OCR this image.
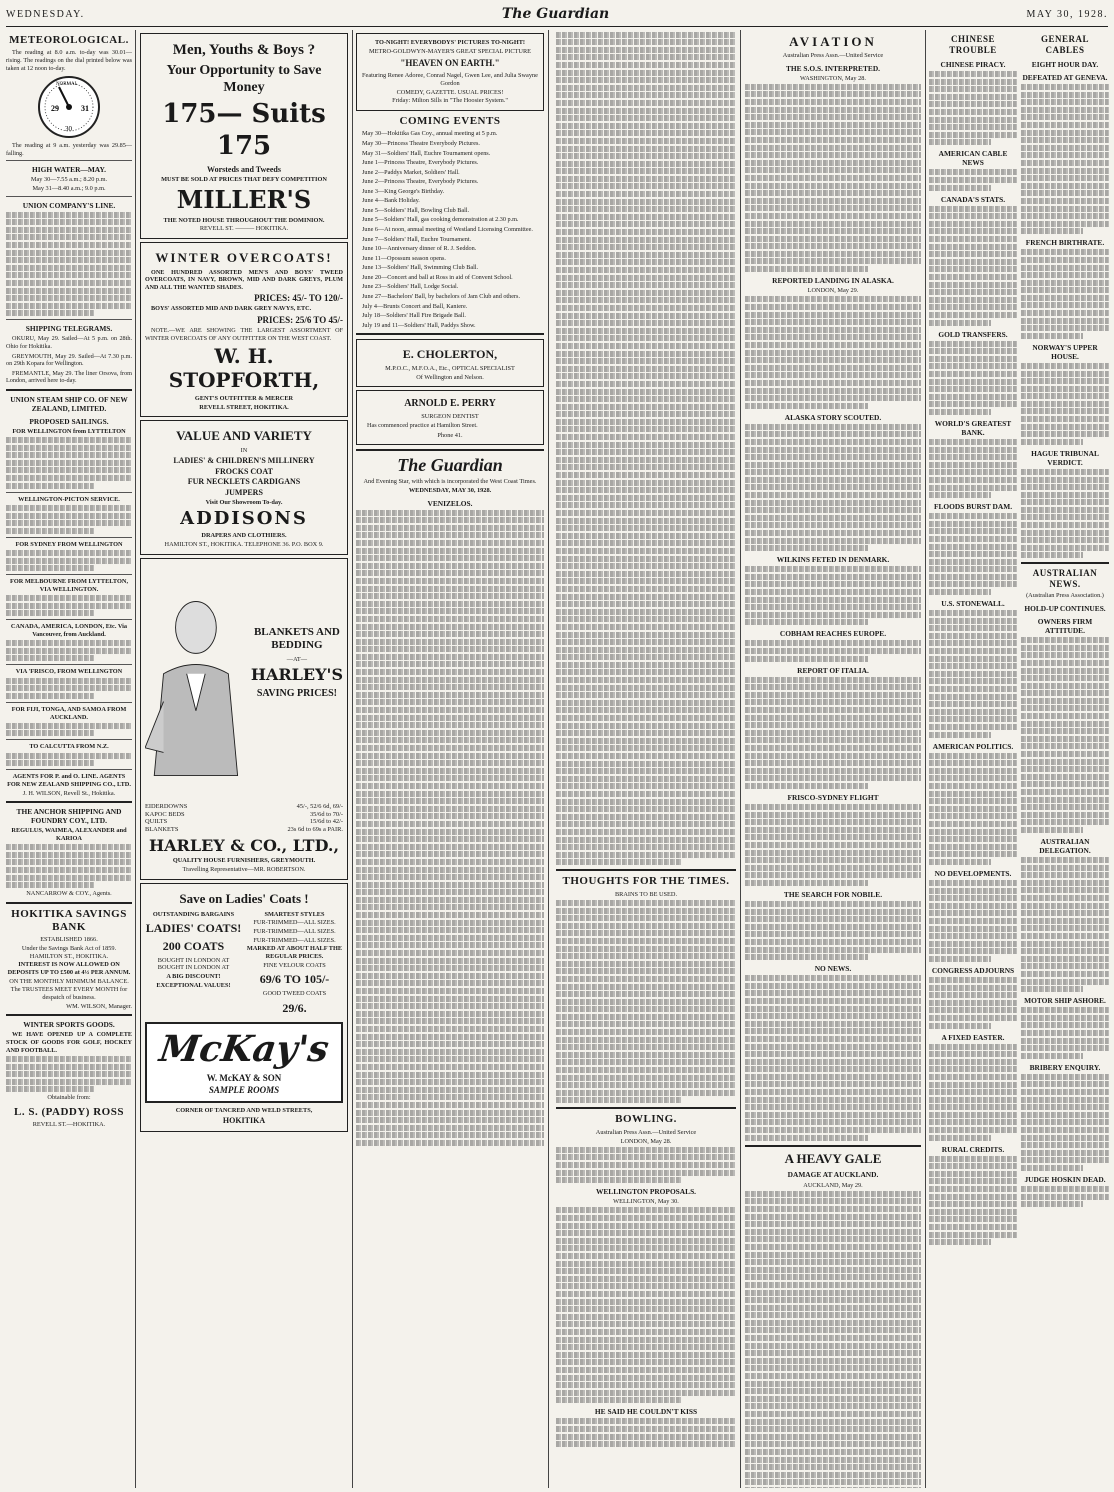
WEDNESDAY.	The Guardian	MAY 30, 1928.
METEOROLOGICAL.
The reading at 8.0 a.m. to-day was 30.01—rising. The readings on the dial printed below was taken at 12 noon to-day.
29	31
30
NORMAL
The reading at 9 a.m. yesterday was 29.85—falling.
HIGH WATER—MAY.
May 30—7.55 a.m.; 8.20 p.m.
May 31—8.40 a.m.; 9.0 p.m.
UNION COMPANY'S LINE.
SHIPPING TELEGRAMS.
OKURU, May 29. Sailed—At 5 p.m. on 28th. Ohio for Hokitika.
GREYMOUTH, May 29. Sailed—At 7.30 p.m. on 29th Kopara for Wellington.
FREMANTLE, May 29. The liner Orsova, from London, arrived here to-day.
UNION STEAM SHIP CO. OF NEW ZEALAND, LIMITED.
PROPOSED SAILINGS.
FOR WELLINGTON from LYTTELTON
WELLINGTON-PICTON SERVICE.
FOR SYDNEY FROM WELLINGTON
FOR MELBOURNE FROM LYTTELTON, VIA WELLINGTON.
CANADA, AMERICA, LONDON, Etc. Via Vancouver, from Auckland.
VIA 'FRISCO, FROM WELLINGTON
FOR FIJI, TONGA, AND SAMOA FROM AUCKLAND.
TO CALCUTTA FROM N.Z.
AGENTS FOR P. and O. LINE. AGENTS FOR NEW ZEALAND SHIPPING CO., LTD.
J. H. WILSON, Revell St., Hokitika.
THE ANCHOR SHIPPING AND FOUNDRY COY., LTD.
REGULUS, WAIMEA, ALEXANDER and KARIOA
NANCARROW & COY., Agents.
HOKITIKA SAVINGS BANK
ESTABLISHED 1866.
Under the Savings Bank Act of 1859. HAMILTON ST., HOKITIKA.
INTEREST IS NOW ALLOWED ON DEPOSITS UP TO £500 at 4½ PER ANNUM.
ON THE MONTHLY MINIMUM BALANCE.
The TRUSTEES MEET EVERY MONTH for despatch of business.
WM. WILSON, Manager.
WINTER SPORTS GOODS.
WE HAVE OPENED UP A COMPLETE STOCK OF GOODS FOR GOLF, HOCKEY AND FOOTBALL.
Obtainable from:
L. S. (PADDY) ROSS
REVELL ST.—HOKITIKA.
Men, Youths & Boys ?
Your Opportunity to Save Money
175— Suits 175
Worsteds and Tweeds
MUST BE SOLD AT PRICES THAT DEFY COMPETITION
MILLER'S
THE NOTED HOUSE THROUGHOUT THE DOMINION.
REVELL ST. ——— HOKITIKA.
WINTER OVERCOATS!
ONE HUNDRED ASSORTED MEN'S AND BOYS' TWEED OVERCOATS, IN NAVY, BROWN, MID AND DARK GREYS, PLUM AND ALL THE WANTED SHADES.
PRICES: 45/- TO 120/-
BOYS' ASSORTED MID AND DARK GREY NAVYS, ETC.
PRICES: 25/6 TO 45/-
NOTE.—WE ARE SHOWING THE LARGEST ASSORTMENT OF WINTER OVERCOATS OF ANY OUTFITTER ON THE WEST COAST.
W. H. STOPFORTH,
GENT'S OUTFITTER & MERCER
REVELL STREET, HOKITIKA.
VALUE AND VARIETY
IN
LADIES' & CHILDREN'S MILLINERY
FROCKS COAT
FUR NECKLETS CARDIGANS
JUMPERS
Visit Our Showroom To-day.
ADDISONS
DRAPERS AND CLOTHIERS.
HAMILTON ST., HOKITIKA. TELEPHONE 36. P.O. BOX 9.
BLANKETS AND BEDDING
—AT—
HARLEY'S
SAVING PRICES!
EIDERDOWNS	45/-, 52/6 6d, 69/-
KAPOC BEDS	35/6d to 70/-
QUILTS	15/6d to 42/-
BLANKETS	23s 6d to 69s a PAIR.
HARLEY & CO., LTD.,
QUALITY HOUSE FURNISHERS, GREYMOUTH.
Travelling Representative—MR. ROBERTSON.
Save on Ladies' Coats !
OUTSTANDING BARGAINS
LADIES' COATS!
200 COATS
BOUGHT IN LONDON AT BOUGHT IN LONDON AT
A BIG DISCOUNT!
EXCEPTIONAL VALUES!
SMARTEST STYLES
FUR-TRIMMED—ALL SIZES.
FUR-TRIMMED—ALL SIZES.
FUR-TRIMMED—ALL SIZES.
MARKED AT ABOUT HALF THE REGULAR PRICES.
FINE VELOUR COATS
69/6 TO 105/-
GOOD TWEED COATS
29/6.
McKay's
W. McKAY & SON
SAMPLE ROOMS
CORNER OF TANCRED AND WELD STREETS,
HOKITIKA
TO-NIGHT! EVERYBODYS' PICTURES TO-NIGHT!
METRO-GOLDWYN-MAYER'S GREAT SPECIAL PICTURE
"HEAVEN ON EARTH."
Featuring Renee Adoree, Conrad Nagel, Gwen Lee, and Julia Swayne Gordon
COMEDY, GAZETTE. USUAL PRICES!
Friday: Milton Sills in "The Hoosier System."
COMING EVENTS
May 30—Hokitika Gas Coy., annual meeting at 5 p.m.
May 30—Princess Theatre Everybody Pictures.
May 31—Soldiers' Hall, Euchre Tournament opens.
June 1—Princess Theatre, Everybody Pictures.
June 2—Paddys Market, Soldiers' Hall.
June 2—Princess Theatre, Everybody Pictures.
June 3—King George's Birthday.
June 4—Bank Holiday.
June 5—Soldiers' Hall, Bowling Club Ball.
June 5—Soldiers' Hall, gas cooking demonstration at 2.30 p.m.
June 6—At noon, annual meeting of Westland Licensing Committee.
June 7—Soldiers' Hall, Euchre Tournament.
June 10—Anniversary dinner of R. J. Seddon.
June 11—Opossum season opens.
June 13—Soldiers' Hall, Swimming Club Ball.
June 20—Concert and ball at Ross in aid of Convent School.
June 23—Soldiers' Hall, Lodge Social.
June 27—Bachelors' Ball, by bachelors of Jam Club and others.
July 4—Brunts Concert and Ball, Kaniere.
July 18—Soldiers' Hall Fire Brigade Ball.
July 19 and 11—Soldiers' Hall, Paddys Show.
E. CHOLERTON,
M.P.O.C., M.F.O.A., Etc., OPTICAL SPECIALIST
Of Wellington and Nelson.
ARNOLD E. PERRY
SURGEON DENTIST
Has commenced practice at Hamilton Street.
Phone 41.
The Guardian
And Evening Star, with which is incorporated the West Coast Times.
WEDNESDAY, MAY 30, 1928.
VENIZELOS.
THOUGHTS FOR THE TIMES.
BRAINS TO BE USED.
BOWLING.
Australian Press Assn.—United Service
LONDON, May 28.
WELLINGTON PROPOSALS.
WELLINGTON, May 30.
HE SAID HE COULDN'T KISS
AVIATION
Australian Press Assn.—United Service
THE S.O.S. INTERPRETED.
WASHINGTON, May 28.
REPORTED LANDING IN ALASKA.
LONDON, May 29.
ALASKA STORY SCOUTED.
WILKINS FETED IN DENMARK.
COBHAM REACHES EUROPE.
REPORT OF ITALIA.
FRISCO-SYDNEY FLIGHT
THE SEARCH FOR NOBILE.
NO NEWS.
A HEAVY GALE
DAMAGE AT AUCKLAND.
AUCKLAND, May 29.
CHINESE TROUBLE
CHINESE PIRACY.
AMERICAN CABLE NEWS
CANADA'S STATS.
GOLD TRANSFERS.
WORLD'S GREATEST BANK.
FLOODS BURST DAM.
U.S. STONEWALL.
AMERICAN POLITICS.
NO DEVELOPMENTS.
CONGRESS ADJOURNS
A FIXED EASTER.
RURAL CREDITS.
GENERAL CABLES
EIGHT HOUR DAY.
DEFEATED AT GENEVA.
FRENCH BIRTHRATE.
NORWAY'S UPPER HOUSE.
HAGUE TRIBUNAL VERDICT.
AUSTRALIAN NEWS.
(Australian Press Association.)
HOLD-UP CONTINUES.
OWNERS FIRM ATTITUDE.
AUSTRALIAN DELEGATION.
MOTOR SHIP ASHORE.
BRIBERY ENQUIRY.
JUDGE HOSKIN DEAD.
